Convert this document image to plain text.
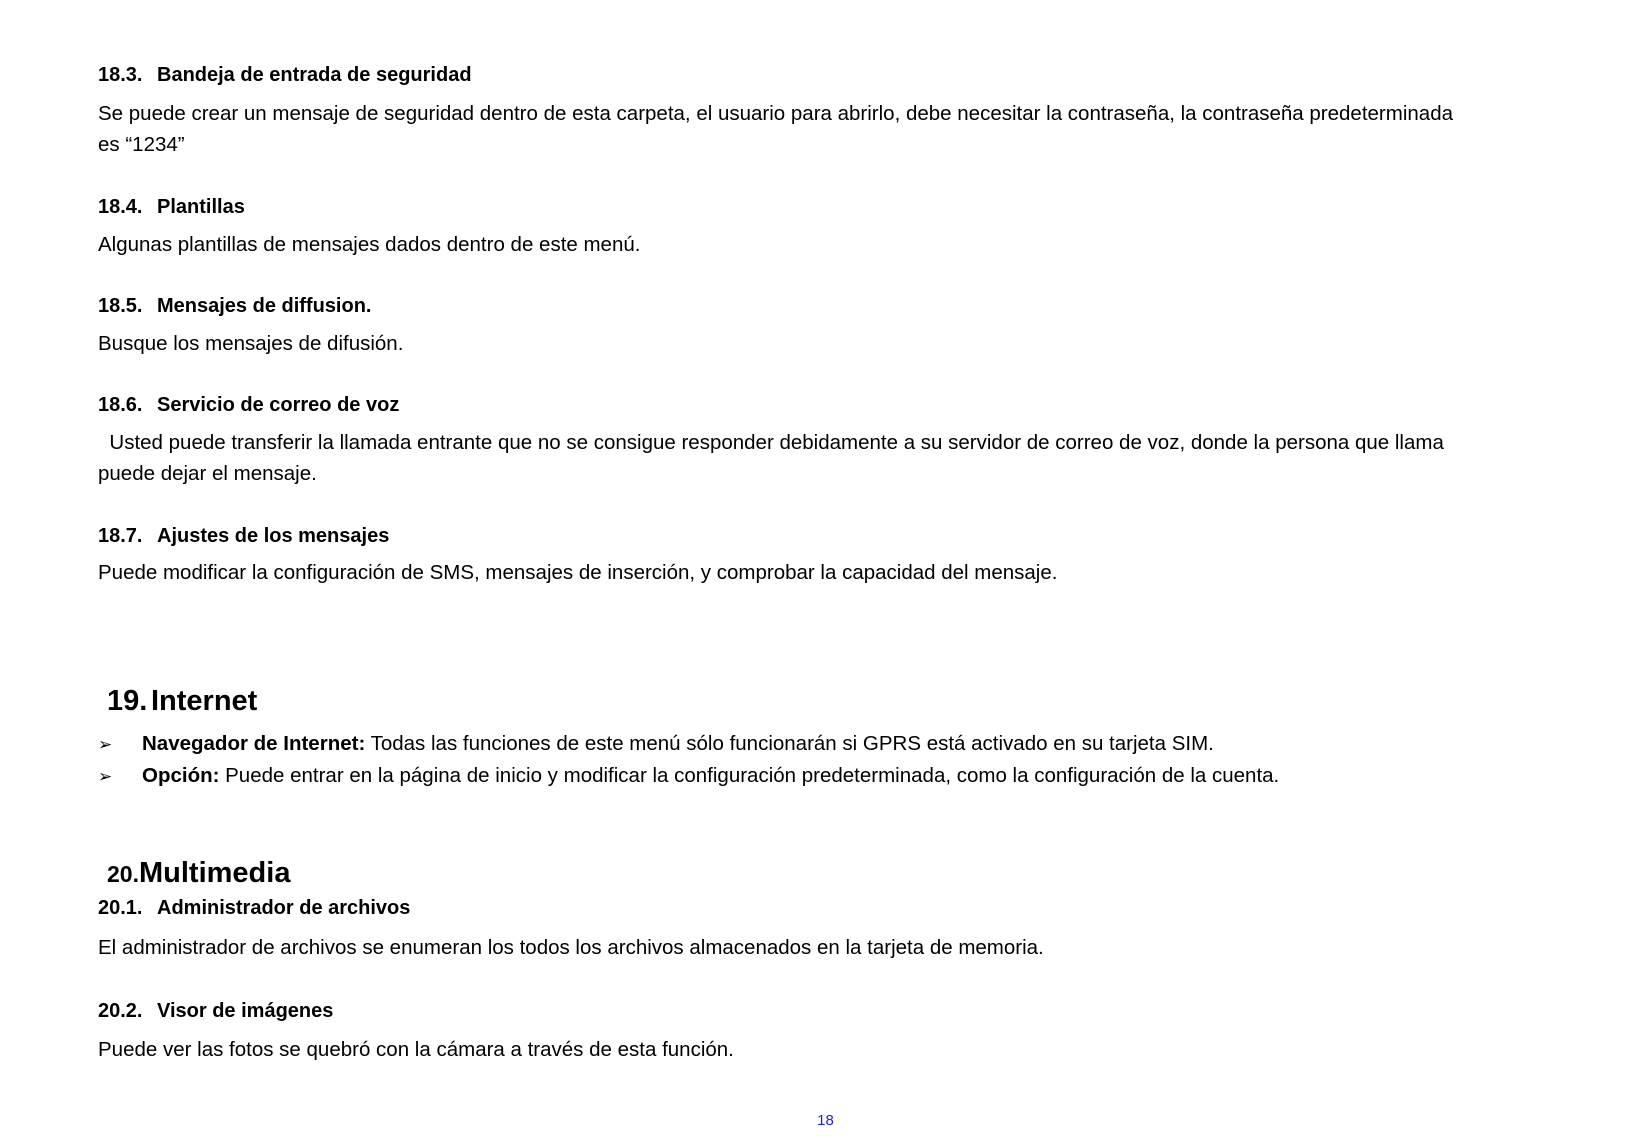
18.3. Bandeja de entrada de seguridad
Se puede crear un mensaje de seguridad dentro de esta carpeta, el usuario para abrirlo, debe necesitar la contraseña, la contraseña predeterminada
es “1234”
18.4. Plantillas
Algunas plantillas de mensajes dados dentro de este menú.
18.5. Mensajes de diffusion.
Busque los mensajes de difusión.
18.6. Servicio de correo de voz
Usted puede transferir la llamada entrante que no se consigue responder debidamente a su servidor de correo de voz, donde la persona que llama
puede dejar el mensaje.
18.7. Ajustes de los mensajes
Puede modificar la configuración de SMS, mensajes de inserción, y comprobar la capacidad del mensaje.
19. Internet
➢ Navegador de Internet: Todas las funciones de este menú sólo funcionarán si GPRS está activado en su tarjeta SIM.
➢ Opción: Puede entrar en la página de inicio y modificar la configuración predeterminada, como la configuración de la cuenta.
20.Multimedia
20.1. Administrador de archivos
El administrador de archivos se enumeran los todos los archivos almacenados en la tarjeta de memoria.
20.2. Visor de imágenes
Puede ver las fotos se quebró con la cámara a través de esta función.
18
